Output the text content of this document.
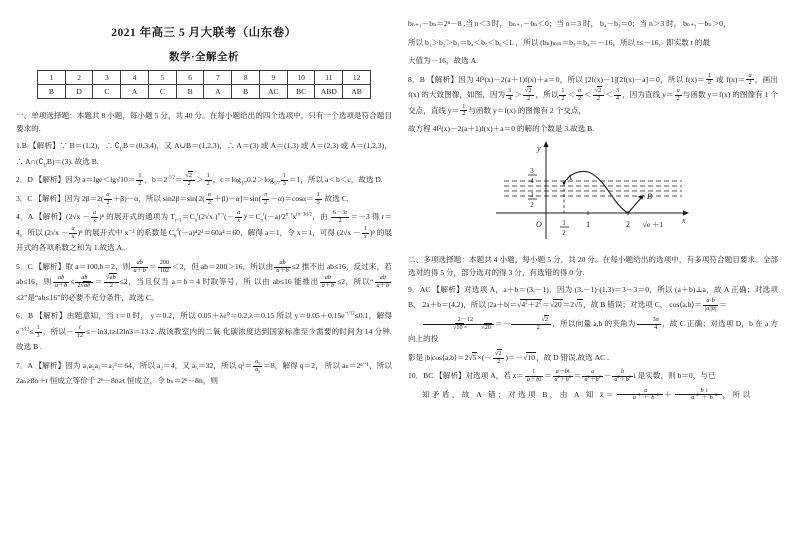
2021 年高三 5 月大联考（山东卷）
数学·全解全析
1	2	3	4	5	6	7	8	9	10	11	12
B	D	C	A	C	B	A	B	AC	BC	ABD	AB
一、单项选择题：本题共 8 小题，每小题 5 分，共 40 分。在每小题给出的四个选项中，只有一个选项是符合题目要求的.
1.B 【解析】∵ B＝(1,2)，∴ $∁_UB=(0,3,4)$，又 A∪B＝(1,2,3)，∴ A＝(3) 或 A＝(1,3) 或 A＝(2,3) 或 A＝(1,2,3)，∴ $A\cap(∁_UB)=(3)$. 故选 B.
2．D 【解析】因为 $a=\lg e<\lg√10= \frac{1}{2}$ ，$b=2^{-1/2}= \frac{√2}{2} > \frac{1}{2}$ ，$c=\log_{1/7}0.2>\log_{1/7} \frac{1}{3} =1$，所以 a＜b＜c，故选 D.
3．C 【解析】因为 $2\beta=2( \frac{\alpha}{2} +\beta)-\alpha$，所以 $\sin 2\beta=\sin[2( \frac{\alpha}{2} +\beta)-\alpha]=\sin( \frac{\pi}{2} -\alpha)=\cos\alpha= \frac{1}{3}$ 故选 C.
4．A 【解析】$(2√x - \frac{a}{x} )^n$ 的展开式的通项为 $T_{r+1}=C_n^r(2√x$ )$^{n-r}(- \frac{a}{x}$ )$ʳ=C_n^r(-a)ʳ2^{n-r}x^{(n-3r)/2}$，由 $\frac{6-3r}{2} =-3$ 得 r＝4，所以 $(2√x - \frac{a}{x} )^n$ 的展开式中 x⁻² 的系数是 $C_6^4(-a)^42^2=60a^4=60$，解得 a＝1，令 x＝1，可得 $(2√x - \frac{1}{x} )^n$ 的展开式的各项系数之和为 1.故选 A。
5．C 【解析】取 a＝100,b＝2，则 $\frac{ab}{a+b} = \frac{200}{102} <2$，但 ab＝200＞16，所以由 $\frac{ab}{a+b} \le 2$ 推不出 ab≤16，反过来，若 ab≤16，则 $\frac{ab}{a+b} \le \frac{ab}{2√ab} = \frac{√ab}{2} \le 2$，当且仅当 a＝b＝4 时取等号，所 以由 ab≤16 能推出 $\frac{ab}{a+b} \le 2$，所以“ $\frac{ab}{a+b}$
≤2”是“ab≤16”的必要不充分条件，故选 C。
6．B 【解析】由题意知，当 t＝0 时， y＝0.2，所以 0.05＋λe⁰＝0.2,λ＝0.15 所以 $y=0.05+0.15e^{-t/12}\le 0.1$，解得 $e^{-t/12}\le \frac{1}{3}$ ，所以－ $\frac{t}{12} \le-\ln 3,t\ge 12\ln 3=13.2$ .故该教室内的二氧 化碳浓度达到国家标准至少需要的时间为 14 分钟.故选 B .
7．A 【解析】因为 a₁a₂a₃＝a₂³＝64，所以 a₂＝4，又 a₅＝32，所以 $q^3= \frac{a_5}{a_2} =8$，解得 q＝2， 所以 aₙ＝2ⁿ⁻¹，所以 2aₙ≥8n＋t 恒成立等价于 2ⁿ－8n≥t 恒成立，令 bₙ＝2ⁿ－8n，则
bₙ₊₁－bₙ＝2ⁿ－8 ,当 n＜3 时， bₙ₊₁－bₙ＜0；当 n＝3 时， b₄－b₃＝0；当 n＞3 时， bₙ₊₁－bₙ＞0，
所以 b₁＞b₂＞b₃＝b₄＜b₅＜b₆＜L ，所以 (bₙ)ₘᵢₙ＝b₃＝b₄＝－16，所以 t≤－16，即实数 t 的最
大值为－16，故选 A.
8．B 【解析】因为 4f²(x)－2(a＋1)f(x)＋a＝0，所以 [2f(x)－1][2f(x)－a]＝0，所以 $f(x)= \frac{1}{2}$ 或 $f(x)= \frac{a}{2}$ ，画出 f(x) 的大致图像，如图，因为 $\frac{3}{4} > \frac{√2}{2}$ ，所以 $\frac{1}{2} < \frac{a}{2} < \frac{√2}{2} < \frac{3}{4}$ ，因为直线 $y= \frac{a}{2}$ 与函数 y＝f(x) 的图像有 1 个交点，直线 $y= \frac{1}{2}$ 与函数 y＝f(x) 的图像有 2 个交点，
故方程 4f²(x)－2(a＋1)f(x)＋a＝0 的解的个数是 3.故选 B.
A
B
y
x
O
3
4
1
2
1
2
1	2 √e ＋1
二、多项选择题：本题共 4 小题，每小题 5 分，共 20 分。在每小题给出的选项中，有多项符合题目要求。全部选对的得 5 分，部分选对的得 3 分，有选错的得 0 分.
9．AC 【解析】对选项 A，a＋b＝(3,－1)，因为 (3,－1)·(1,3)＝3－3＝0，所以 (a＋b)⊥a，故 A 正确；对选项 B， 2a＋b＝(4,2)，所以 $|2a+b|=√4^2+2^2=√20=2√5$，故 B 错误；对选项 C， cos⟨a,b⟩＝ $\frac{a\cdot b}{|a||b|}$ ＝
$\frac{2-12}{√10\times √20} =- \frac{√2}{2}$ ，所以向量 a,b 的夹角为 $\frac{3\pi}{4}$ ，故 C 正确；对选项 D，b 在 a 方向上的投
影是 |b|cos⟨a,b⟩＝2√5×(－ $\frac{√2}{2} )=-√10$，故 D 错误.故选 AC .
10．BC 【解析】对选项 A，若 $z= \frac{1}{a+bi} = \frac{a-bi}{a^2+b^2} = \frac{a}{a^2+b^2} - \frac{b}{a^2+b^2}$ i 是实数，则 b＝0，与已
知矛盾，故 A 错；对选项 B，由 A 知 z̄＝ $\frac{a}{a^2+b^2} + \frac{bi}{a^2+b^2}$ ，所以
